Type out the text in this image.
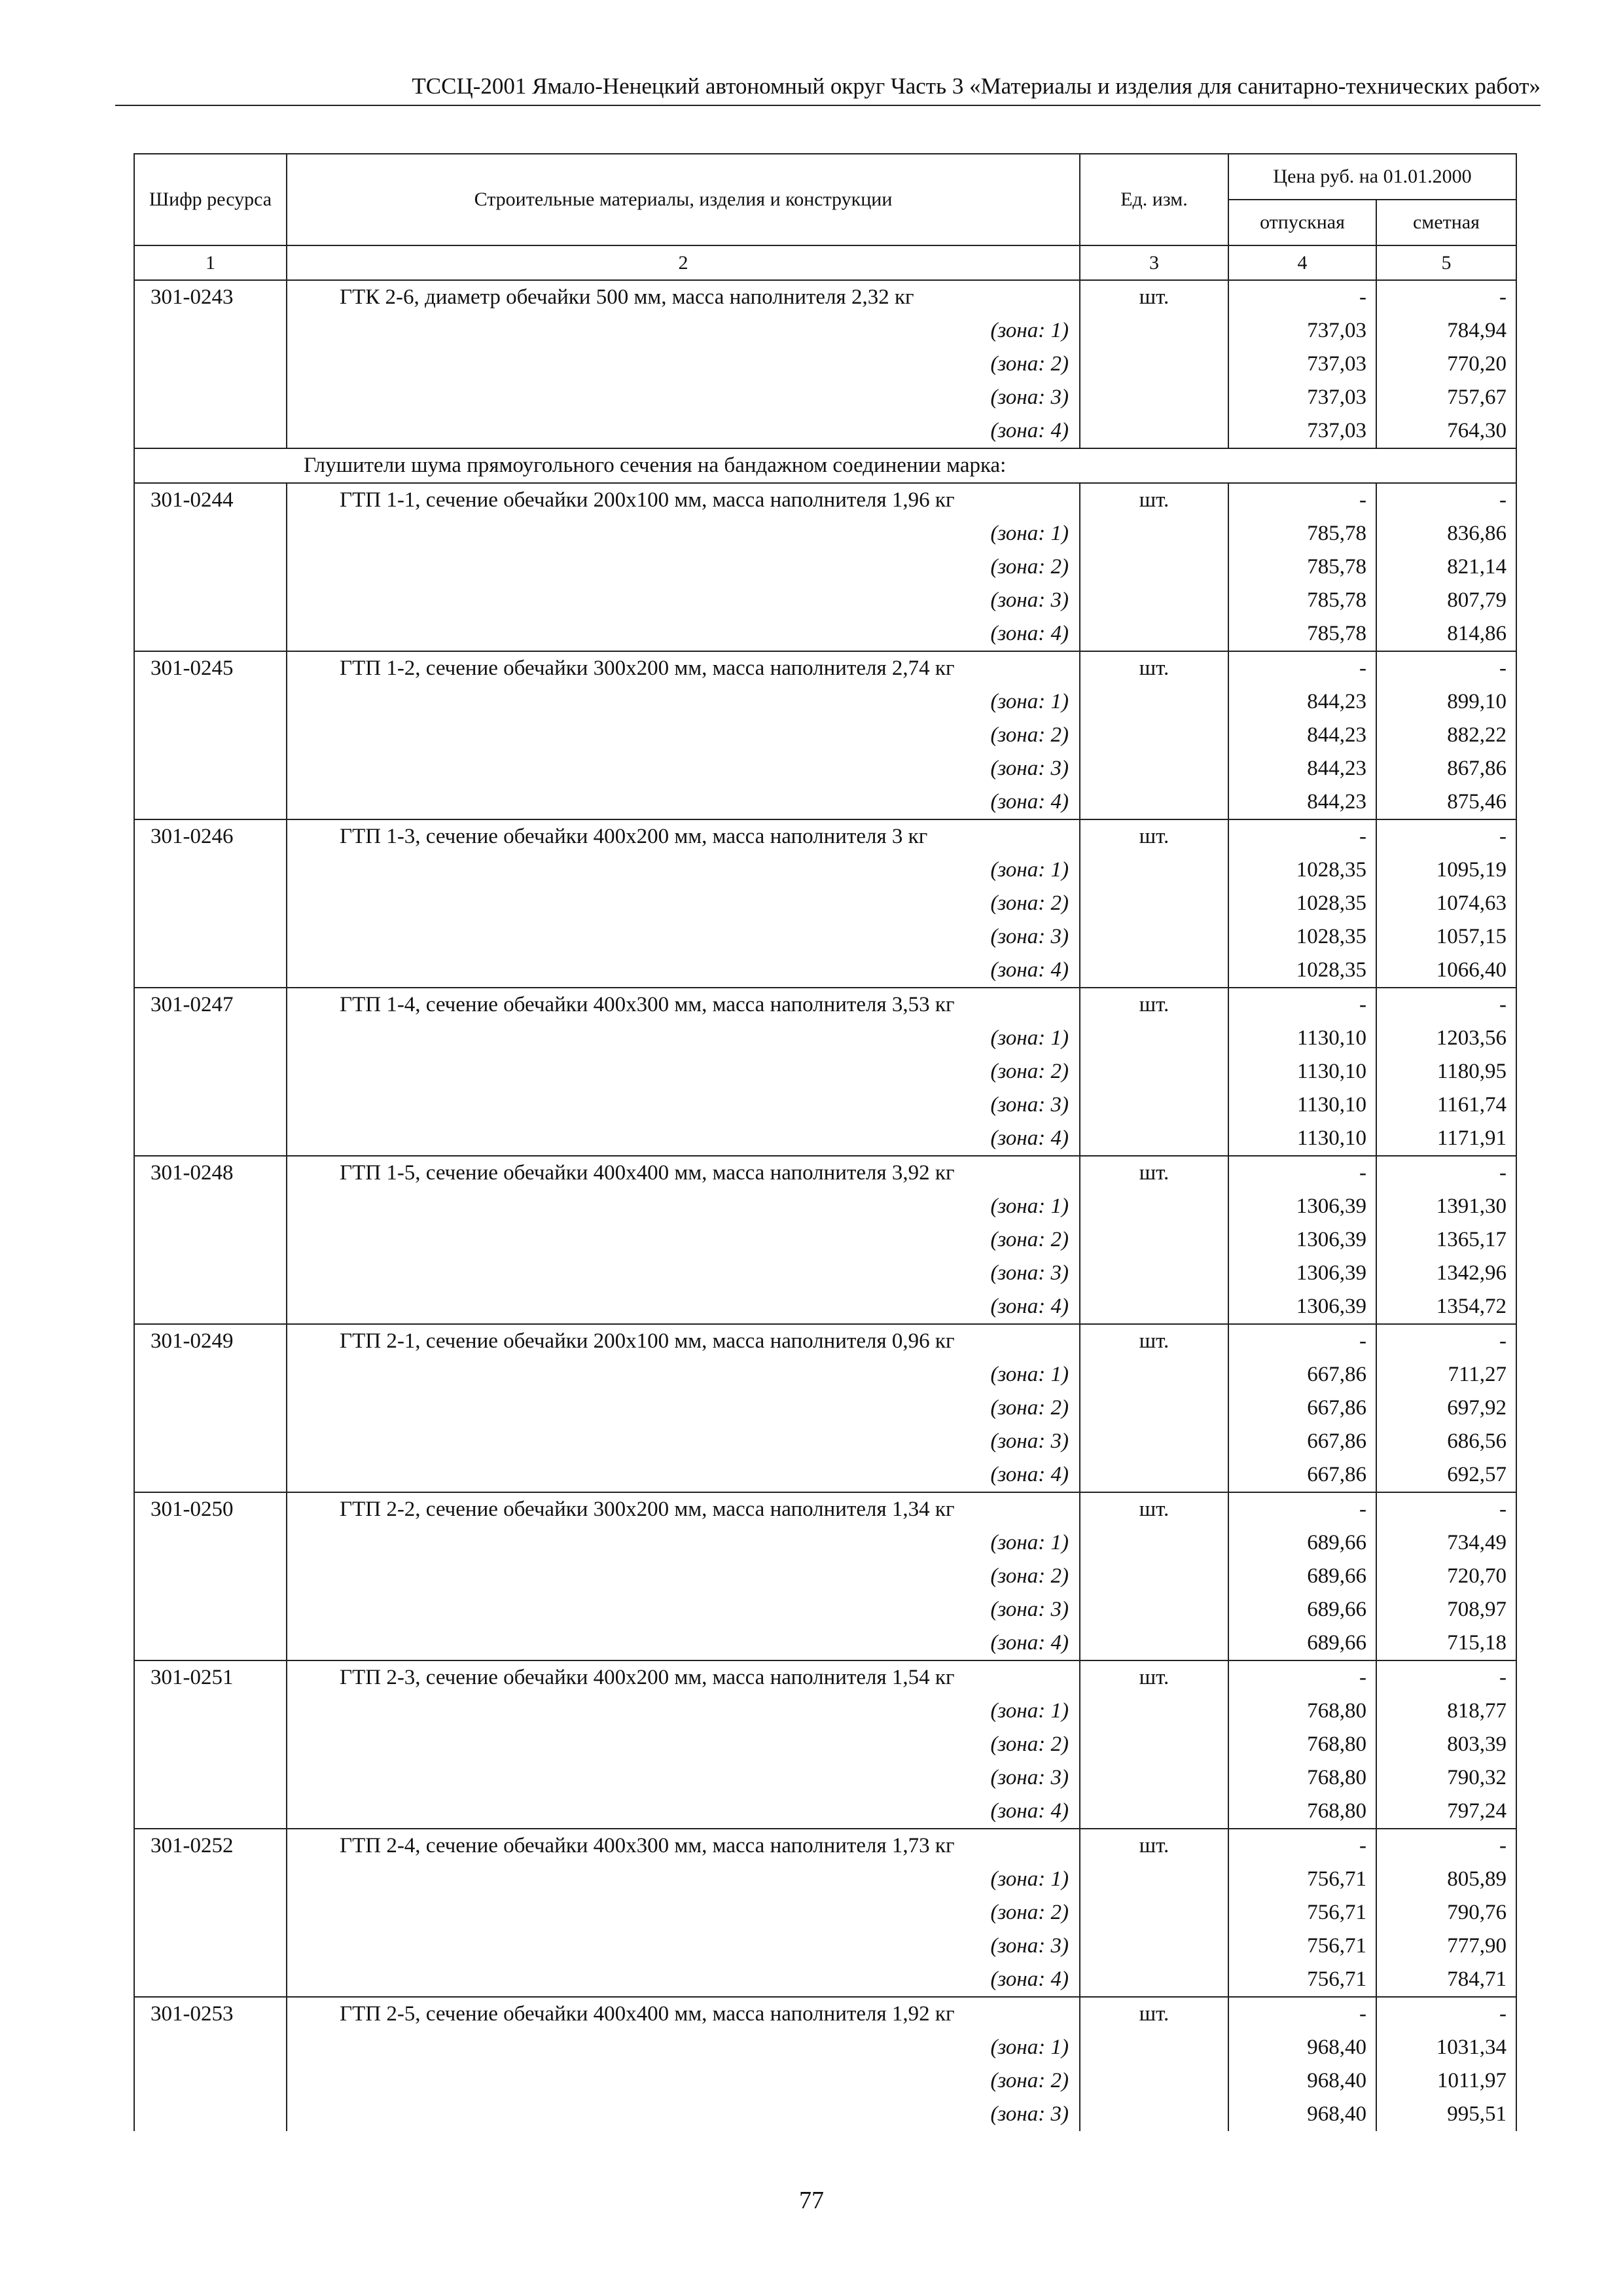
ТССЦ-2001 Ямало-Ненецкий автономный округ Часть 3 «Материалы и изделия для санитарно-технических работ»
Шифр ресурса	Строительные материалы, изделия и конструкции	Ед. изм.	Цена руб. на 01.01.2000	
			отпускная	сметная
1	2	3	4	5
301-0243	ГТК 2-6, диаметр обечайки 500 мм, масса наполнителя 2,32 кг	шт.	-	-
	(зона: 1)		737,03	784,94
	(зона: 2)		737,03	770,20
	(зона: 3)		737,03	757,67
	(зона: 4)		737,03	764,30
Глушители шума прямоугольного сечения на бандажном соединении марка:				
301-0244	ГТП 1-1, сечение обечайки 200x100 мм, масса наполнителя 1,96 кг	шт.	-	-
	(зона: 1)		785,78	836,86
	(зона: 2)		785,78	821,14
	(зона: 3)		785,78	807,79
	(зона: 4)		785,78	814,86
301-0245	ГТП 1-2, сечение обечайки 300x200 мм, масса наполнителя 2,74 кг	шт.	-	-
	(зона: 1)		844,23	899,10
	(зона: 2)		844,23	882,22
	(зона: 3)		844,23	867,86
	(зона: 4)		844,23	875,46
301-0246	ГТП 1-3, сечение обечайки 400x200 мм, масса наполнителя 3 кг	шт.	-	-
	(зона: 1)		1028,35	1095,19
	(зона: 2)		1028,35	1074,63
	(зона: 3)		1028,35	1057,15
	(зона: 4)		1028,35	1066,40
301-0247	ГТП 1-4, сечение обечайки 400x300 мм, масса наполнителя 3,53 кг	шт.	-	-
	(зона: 1)		1130,10	1203,56
	(зона: 2)		1130,10	1180,95
	(зона: 3)		1130,10	1161,74
	(зона: 4)		1130,10	1171,91
301-0248	ГТП 1-5, сечение обечайки 400x400 мм, масса наполнителя 3,92 кг	шт.	-	-
	(зона: 1)		1306,39	1391,30
	(зона: 2)		1306,39	1365,17
	(зона: 3)		1306,39	1342,96
	(зона: 4)		1306,39	1354,72
301-0249	ГТП 2-1, сечение обечайки 200x100 мм, масса наполнителя 0,96 кг	шт.	-	-
	(зона: 1)		667,86	711,27
	(зона: 2)		667,86	697,92
	(зона: 3)		667,86	686,56
	(зона: 4)		667,86	692,57
301-0250	ГТП 2-2, сечение обечайки 300x200 мм, масса наполнителя 1,34 кг	шт.	-	-
	(зона: 1)		689,66	734,49
	(зона: 2)		689,66	720,70
	(зона: 3)		689,66	708,97
	(зона: 4)		689,66	715,18
301-0251	ГТП 2-3, сечение обечайки 400x200 мм, масса наполнителя 1,54 кг	шт.	-	-
	(зона: 1)		768,80	818,77
	(зона: 2)		768,80	803,39
	(зона: 3)		768,80	790,32
	(зона: 4)		768,80	797,24
301-0252	ГТП 2-4, сечение обечайки 400x300 мм, масса наполнителя 1,73 кг	шт.	-	-
	(зона: 1)		756,71	805,89
	(зона: 2)		756,71	790,76
	(зона: 3)		756,71	777,90
	(зона: 4)		756,71	784,71
301-0253	ГТП 2-5, сечение обечайки 400x400 мм, масса наполнителя 1,92 кг	шт.	-	-
	(зона: 1)		968,40	1031,34
	(зона: 2)		968,40	1011,97
	(зона: 3)		968,40	995,51
77
